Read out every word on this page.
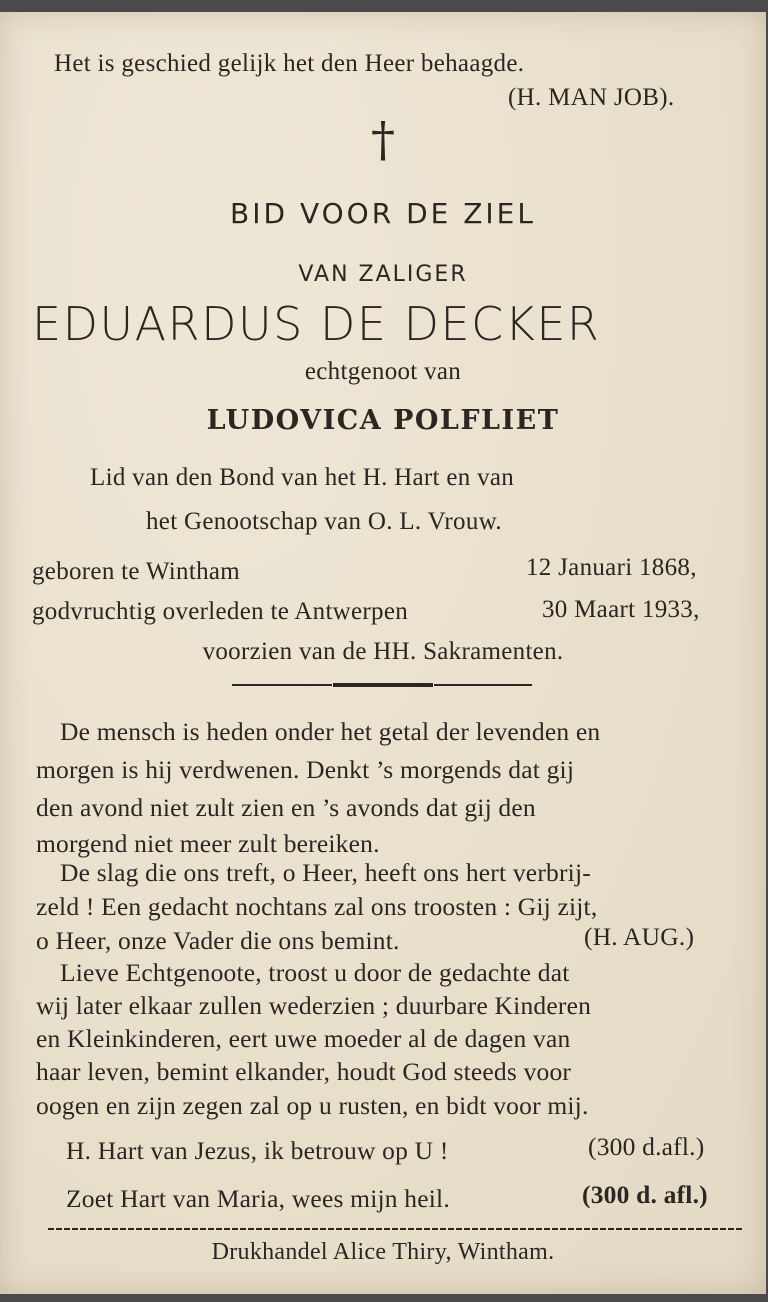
Het is geschied gelijk het den Heer behaagde.
(H. MAN JOB).
†
BID VOOR DE ZIEL
VAN ZALIGER
EDUARDUS DE DECKER
echtgenoot van
LUDOVICA POLFLIET
Lid van den Bond van het H. Hart en van
het Genootschap van O. L. Vrouw.
geboren te Wintham	12 Januari 1868,
godvruchtig overleden te Antwerpen	30 Maart 1933,
voorzien van de HH. Sakramenten.
De mensch is heden onder het getal der levenden en
morgen is hij verdwenen. Denkt ’s morgends dat gij
den avond niet zult zien en ’s avonds dat gij den
morgend niet meer zult bereiken.
De slag die ons treft, o Heer, heeft ons hert verbrij-
zeld ! Een gedacht nochtans zal ons troosten : Gij zijt,
o Heer, onze Vader die ons bemint.	(H. AUG.)
Lieve Echtgenoote, troost u door de gedachte dat
wij later elkaar zullen wederzien ; duurbare Kinderen
en Kleinkinderen, eert uwe moeder al de dagen van
haar leven, bemint elkander, houdt God steeds voor
oogen en zijn zegen zal op u rusten, en bidt voor mij.
H. Hart van Jezus, ik betrouw op U !	(300 d.afl.)
Zoet Hart van Maria, wees mijn heil.	(300 d. afl.)
Drukhandel Alice Thiry, Wintham.
